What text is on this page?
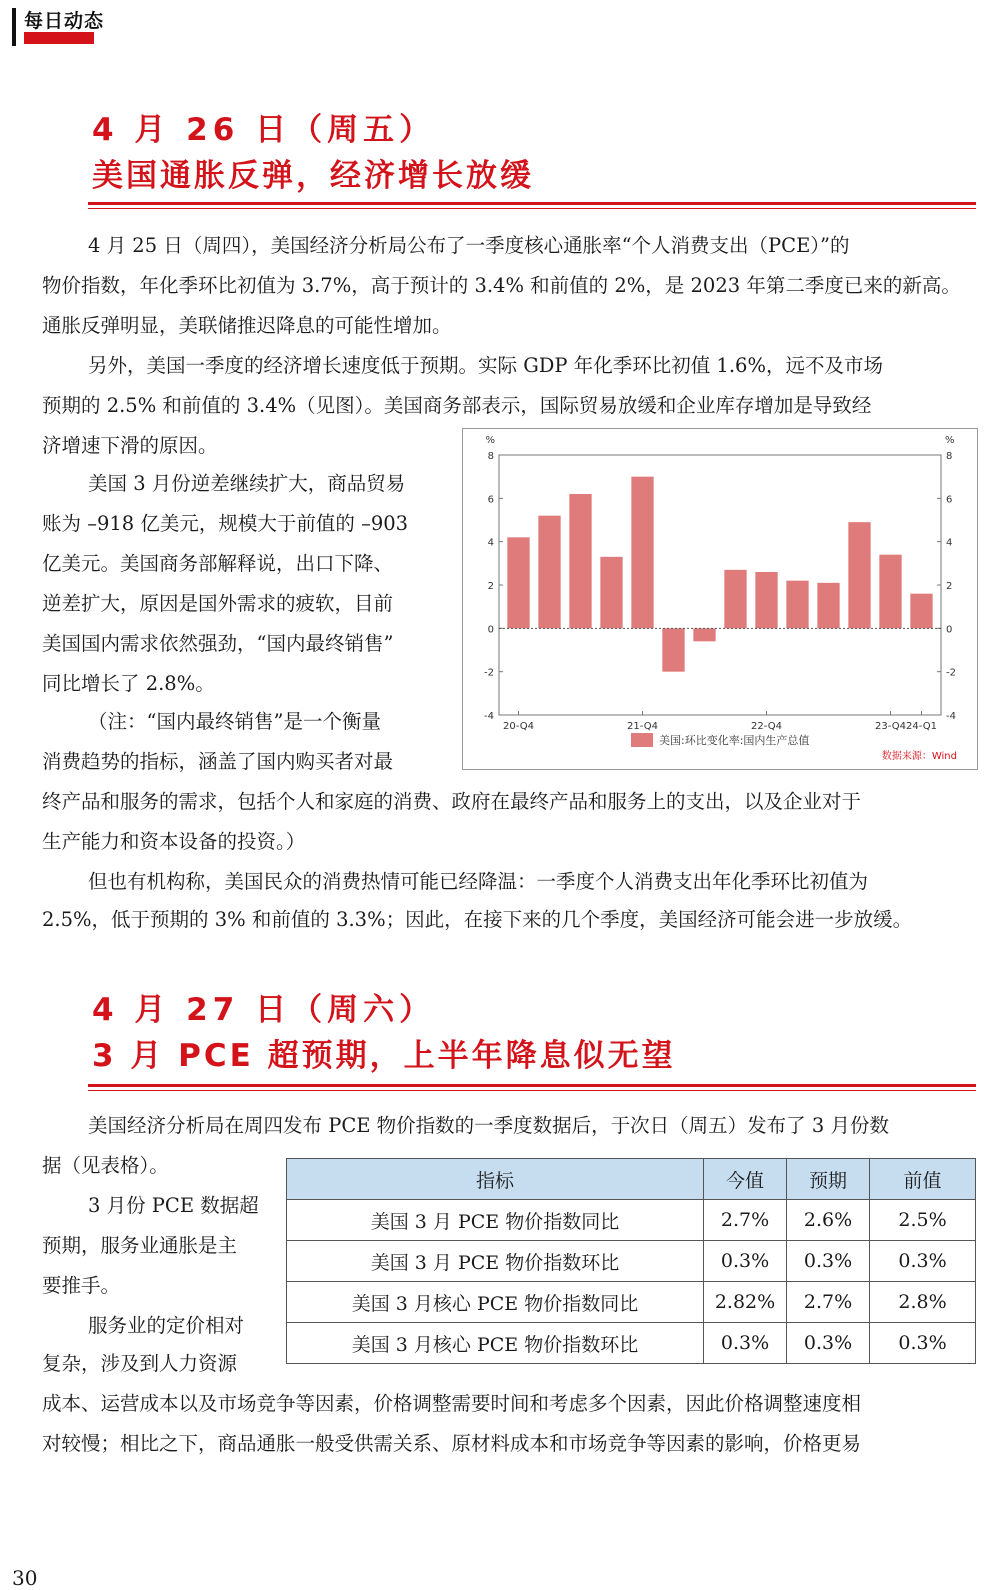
每日动态
4 月 26 日（周五）
美国通胀反弹，经济增长放缓
4 月 25 日（周四），美国经济分析局公布了一季度核心通胀率“个人消费支出（PCE）”的
物价指数，年化季环比初值为 3.7%，高于预计的 3.4% 和前值的 2%，是 2023 年第二季度已来的新高。
通胀反弹明显，美联储推迟降息的可能性增加。
另外，美国一季度的经济增长速度低于预期。实际 GDP 年化季环比初值 1.6%，远不及市场
预期的 2.5% 和前值的 3.4%（见图）。美国商务部表示，国际贸易放缓和企业库存增加是导致经
济增速下滑的原因。
美国 3 月份逆差继续扩大，商品贸易
账为 –918 亿美元，规模大于前值的 –903
亿美元。美国商务部解释说，出口下降、
逆差扩大，原因是国外需求的疲软，目前
美国国内需求依然强劲，“国内最终销售”
同比增长了 2.8%。
（注：“国内最终销售”是一个衡量
消费趋势的指标，涵盖了国内购买者对最
终产品和服务的需求，包括个人和家庭的消费、政府在最终产品和服务上的支出，以及企业对于
生产能力和资本设备的投资。）
但也有机构称，美国民众的消费热情可能已经降温：一季度个人消费支出年化季环比初值为
2.5%，低于预期的 3% 和前值的 3.3%；因此，在接下来的几个季度，美国经济可能会进一步放缓。
%	%
-4	-4
-2	-2
0	0
2	2
4	4
6	6
8	8
20-Q4	21-Q4	22-Q4	23-Q4 24-Q1
美国:环比变化率:国内生产总值
数据来源：Wind
4 月 27 日（周六）
3 月 PCE 超预期，上半年降息似无望
美国经济分析局在周四发布 PCE 物价指数的一季度数据后，于次日（周五）发布了 3 月份数
据（见表格）。
3 月份 PCE 数据超
预期，服务业通胀是主
要推手。
服务业的定价相对
复杂，涉及到人力资源
成本、运营成本以及市场竞争等因素，价格调整需要时间和考虑多个因素，因此价格调整速度相
对较慢；相比之下，商品通胀一般受供需关系、原材料成本和市场竞争等因素的影响，价格更易
指标	今值	预期	前值
美国 3 月 PCE 物价指数同比	2.7%	2.6%	2.5%
美国 3 月 PCE 物价指数环比	0.3%	0.3%	0.3%
美国 3 月核心 PCE 物价指数同比	2.82%	2.7%	2.8%
美国 3 月核心 PCE 物价指数环比	0.3%	0.3%	0.3%
30
